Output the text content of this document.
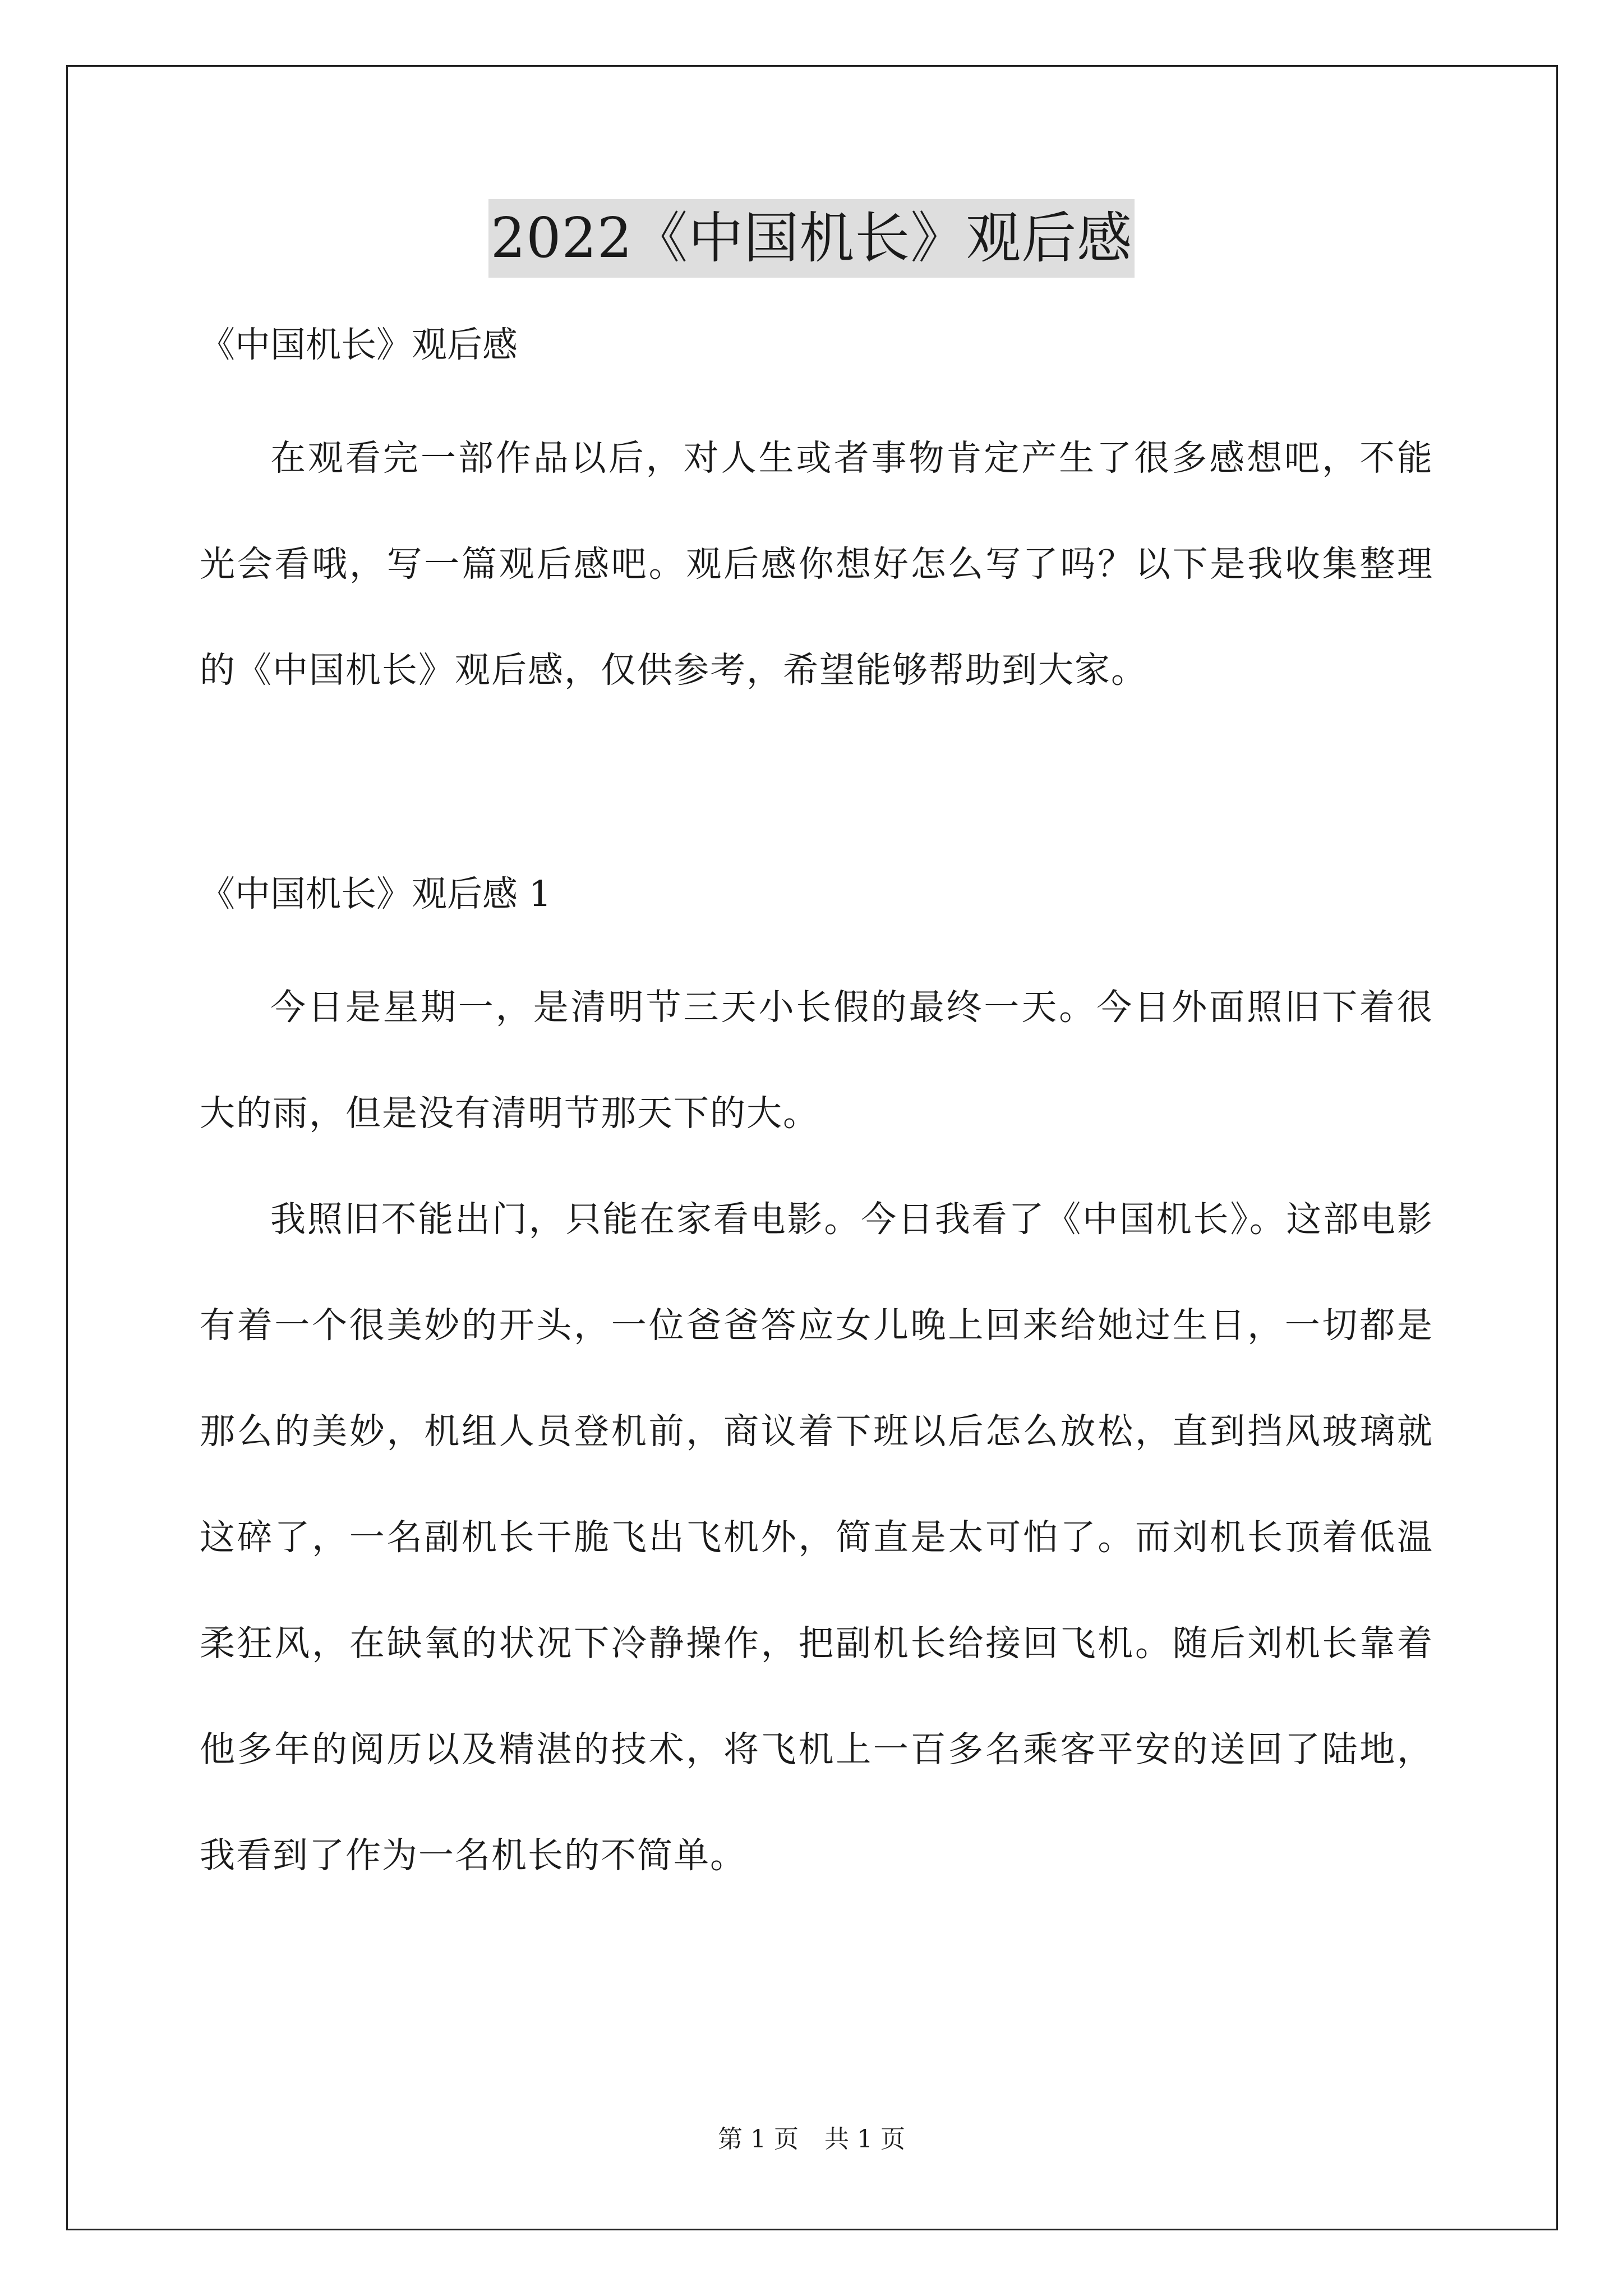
2022《中国机长》观后感

《中国机长》观后感

在观看完一部作品以后，对人生或者事物肯定产生了很多感想吧，不能光会看哦，写一篇观后感吧。观后感你想好怎么写了吗？以下是我收集整理的《中国机长》观后感，仅供参考，希望能够帮助到大家。

《中国机长》观后感 1

今日是星期一，是清明节三天小长假的最终一天。今日外面照旧下着很大的雨，但是没有清明节那天下的大。

我照旧不能出门，只能在家看电影。今日我看了《中国机长》。这部电影有着一个很美妙的开头，一位爸爸答应女儿晚上回来给她过生日，一切都是那么的美妙，机组人员登机前，商议着下班以后怎么放松，直到挡风玻璃就这碎了，一名副机长干脆飞出飞机外，简直是太可怕了。而刘机长顶着低温柔狂风，在缺氧的状况下冷静操作，把副机长给接回飞机。随后刘机长靠着他多年的阅历以及精湛的技术，将飞机上一百多名乘客平安的送回了陆地，我看到了作为一名机长的不简单。

第 1 页 共 1 页
